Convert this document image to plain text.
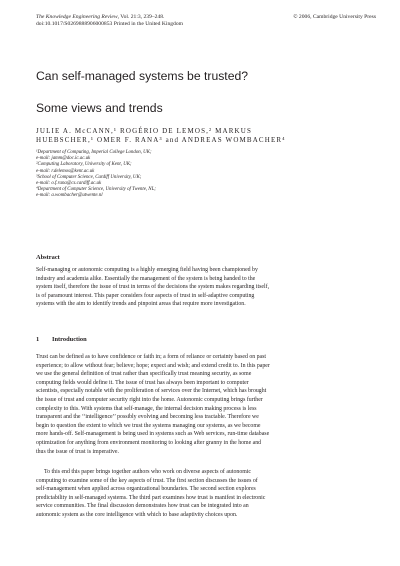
The Knowledge Engineering Review, Vol. 21:3, 239–248.	© 2006, Cambridge University Press
doi:10.1017/S0269888906000853 Printed in the United Kingdom
Can self-managed systems be trusted?
Some views and trends
JULIE A. McCANN,¹ ROGÉRIO DE LEMOS,² MARKUS
HUEBSCHER,¹ OMER F. RANA³ and ANDREAS WOMBACHER⁴
¹Department of Computing, Imperial College London, UK;
e-mail: jamm@doc.ic.ac.uk
²Computing Laboratory, University of Kent, UK;
e-mail: r.delemos@kent.ac.uk
³School of Computer Science, Cardiff University, UK;
e-mail: o.f.rana@cs.cardiff.ac.uk
⁴Department of Computer Science, University of Twente, NL;
e-mail: a.wombacher@utwente.nl
Abstract
Self-managing or autonomic computing is a highly emerging field having been championed by
industry and academia alike. Essentially the management of the system is being handed to the
system itself, therefore the issue of trust in terms of the decisions the system makes regarding itself,
is of paramount interest. This paper considers four aspects of trust in self-adaptive computing
systems with the aim to identify trends and pinpoint areas that require more investigation.
1 Introduction
Trust can be defined as to have confidence or faith in; a form of reliance or certainty based on past
experience; to allow without fear; believe; hope; expect and wish; and extend credit to. In this paper
we use the general definition of trust rather than specifically trust meaning security, as some
computing fields would define it. The issue of trust has always been important to computer
scientists, especially notable with the proliferation of services over the Internet, which has brought
the issue of trust and computer security right into the home. Autonomic computing brings further
complexity to this. With systems that self-manage, the internal decision making process is less
transparent and the ‘‘intelligence’’ possibly evolving and becoming less tractable. Therefore we
begin to question the extent to which we trust the systems managing our systems, as we become
more hands-off. Self-management is being used in systems such as Web services, run-time database
optimization for anything from environment monitoring to looking after granny in the home and
thus the issue of trust is imperative.
To this end this paper brings together authors who work on diverse aspects of autonomic
computing to examine some of the key aspects of trust. The first section discusses the issues of
self-management when applied across organizational boundaries. The second section explores
predictability in self-managed systems. The third part examines how trust is manifest in electronic
service communities. The final discussion demonstrates how trust can be integrated into an
autonomic system as the core intelligence with which to base adaptivity choices upon.
